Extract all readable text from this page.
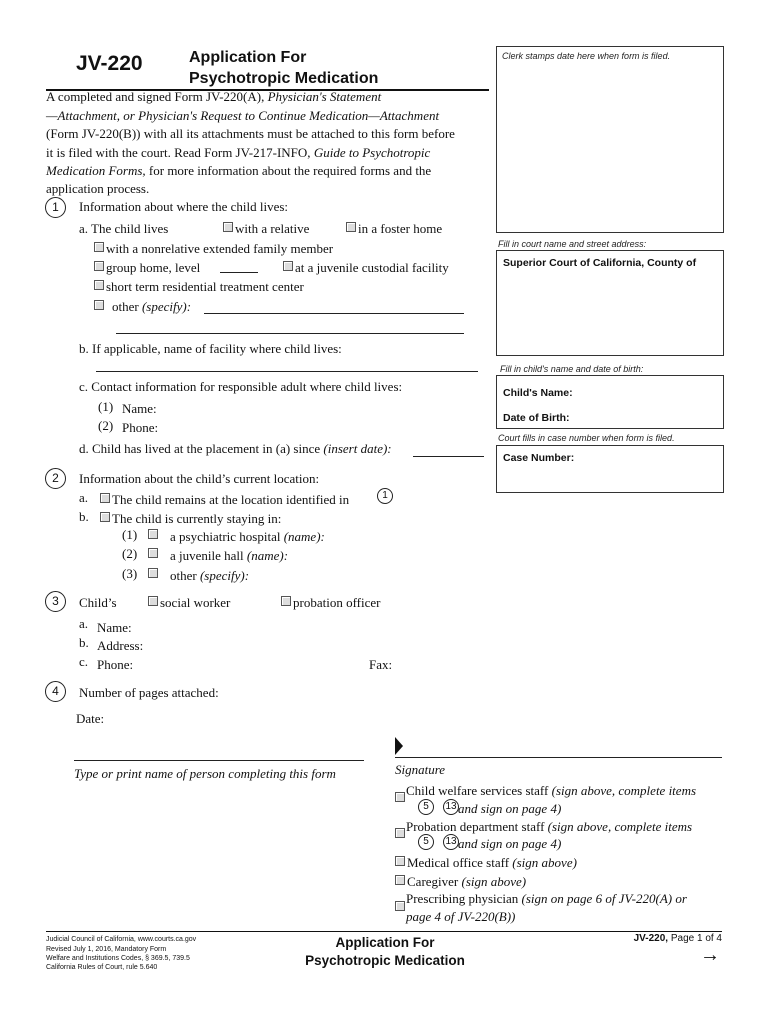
JV-220	Application For
Psychotropic Medication
A completed and signed Form JV-220(A), Physician's Statement
—Attachment, or Physician's Request to Continue Medication—Attachment
(Form JV-220(B)) with all its attachments must be attached to this form before
it is filed with the court. Read Form JV-217-INFO, Guide to Psychotropic
Medication Forms, for more information about the required forms and the
application process.
Clerk stamps date here when form is filed.
Fill in court name and street address:
Superior Court of California, County of
Fill in child's name and date of birth:
Child's Name:
Date of Birth:
Court fills in case number when form is filed.
Case Number:
1	Information about where the child lives:
a. The child lives	with a relative	in a foster home
with a nonrelative extended family member
group home, level	at a juvenile custodial facility
short term residential treatment center
other (specify):
b. If applicable, name of facility where child lives:
c. Contact information for responsible adult where child lives:
(1) Name:
(2) Phone:
d. Child has lived at the placement in (a) since (insert date):
2	Information about the child’s current location:
a.	The child remains at the location identified in	1
b.	The child is currently staying in:
(1)	a psychiatric hospital (name):
(2)	a juvenile hall (name):
(3)	other (specify):
3	Child’s	social worker	probation officer
a. Name:
b. Address:
c. Phone:	Fax:
4	Number of pages attached:
Date:
Type or print name of person completing this form	Signature
Child welfare services staff (sign above, complete items
5	13 and sign on page 4)
Probation department staff (sign above, complete items
5	13 and sign on page 4)
Medical office staff (sign above)
Caregiver (sign above)
Prescribing physician (sign on page 6 of JV-220(A) or
page 4 of JV-220(B))
Judicial Council of California, www.courts.ca.gov
Revised July 1, 2016, Mandatory Form
Welfare and Institutions Codes, § 369.5, 739.5
California Rules of Court, rule 5.640
Application For
Psychotropic Medication
JV-220, Page 1 of 4
→
